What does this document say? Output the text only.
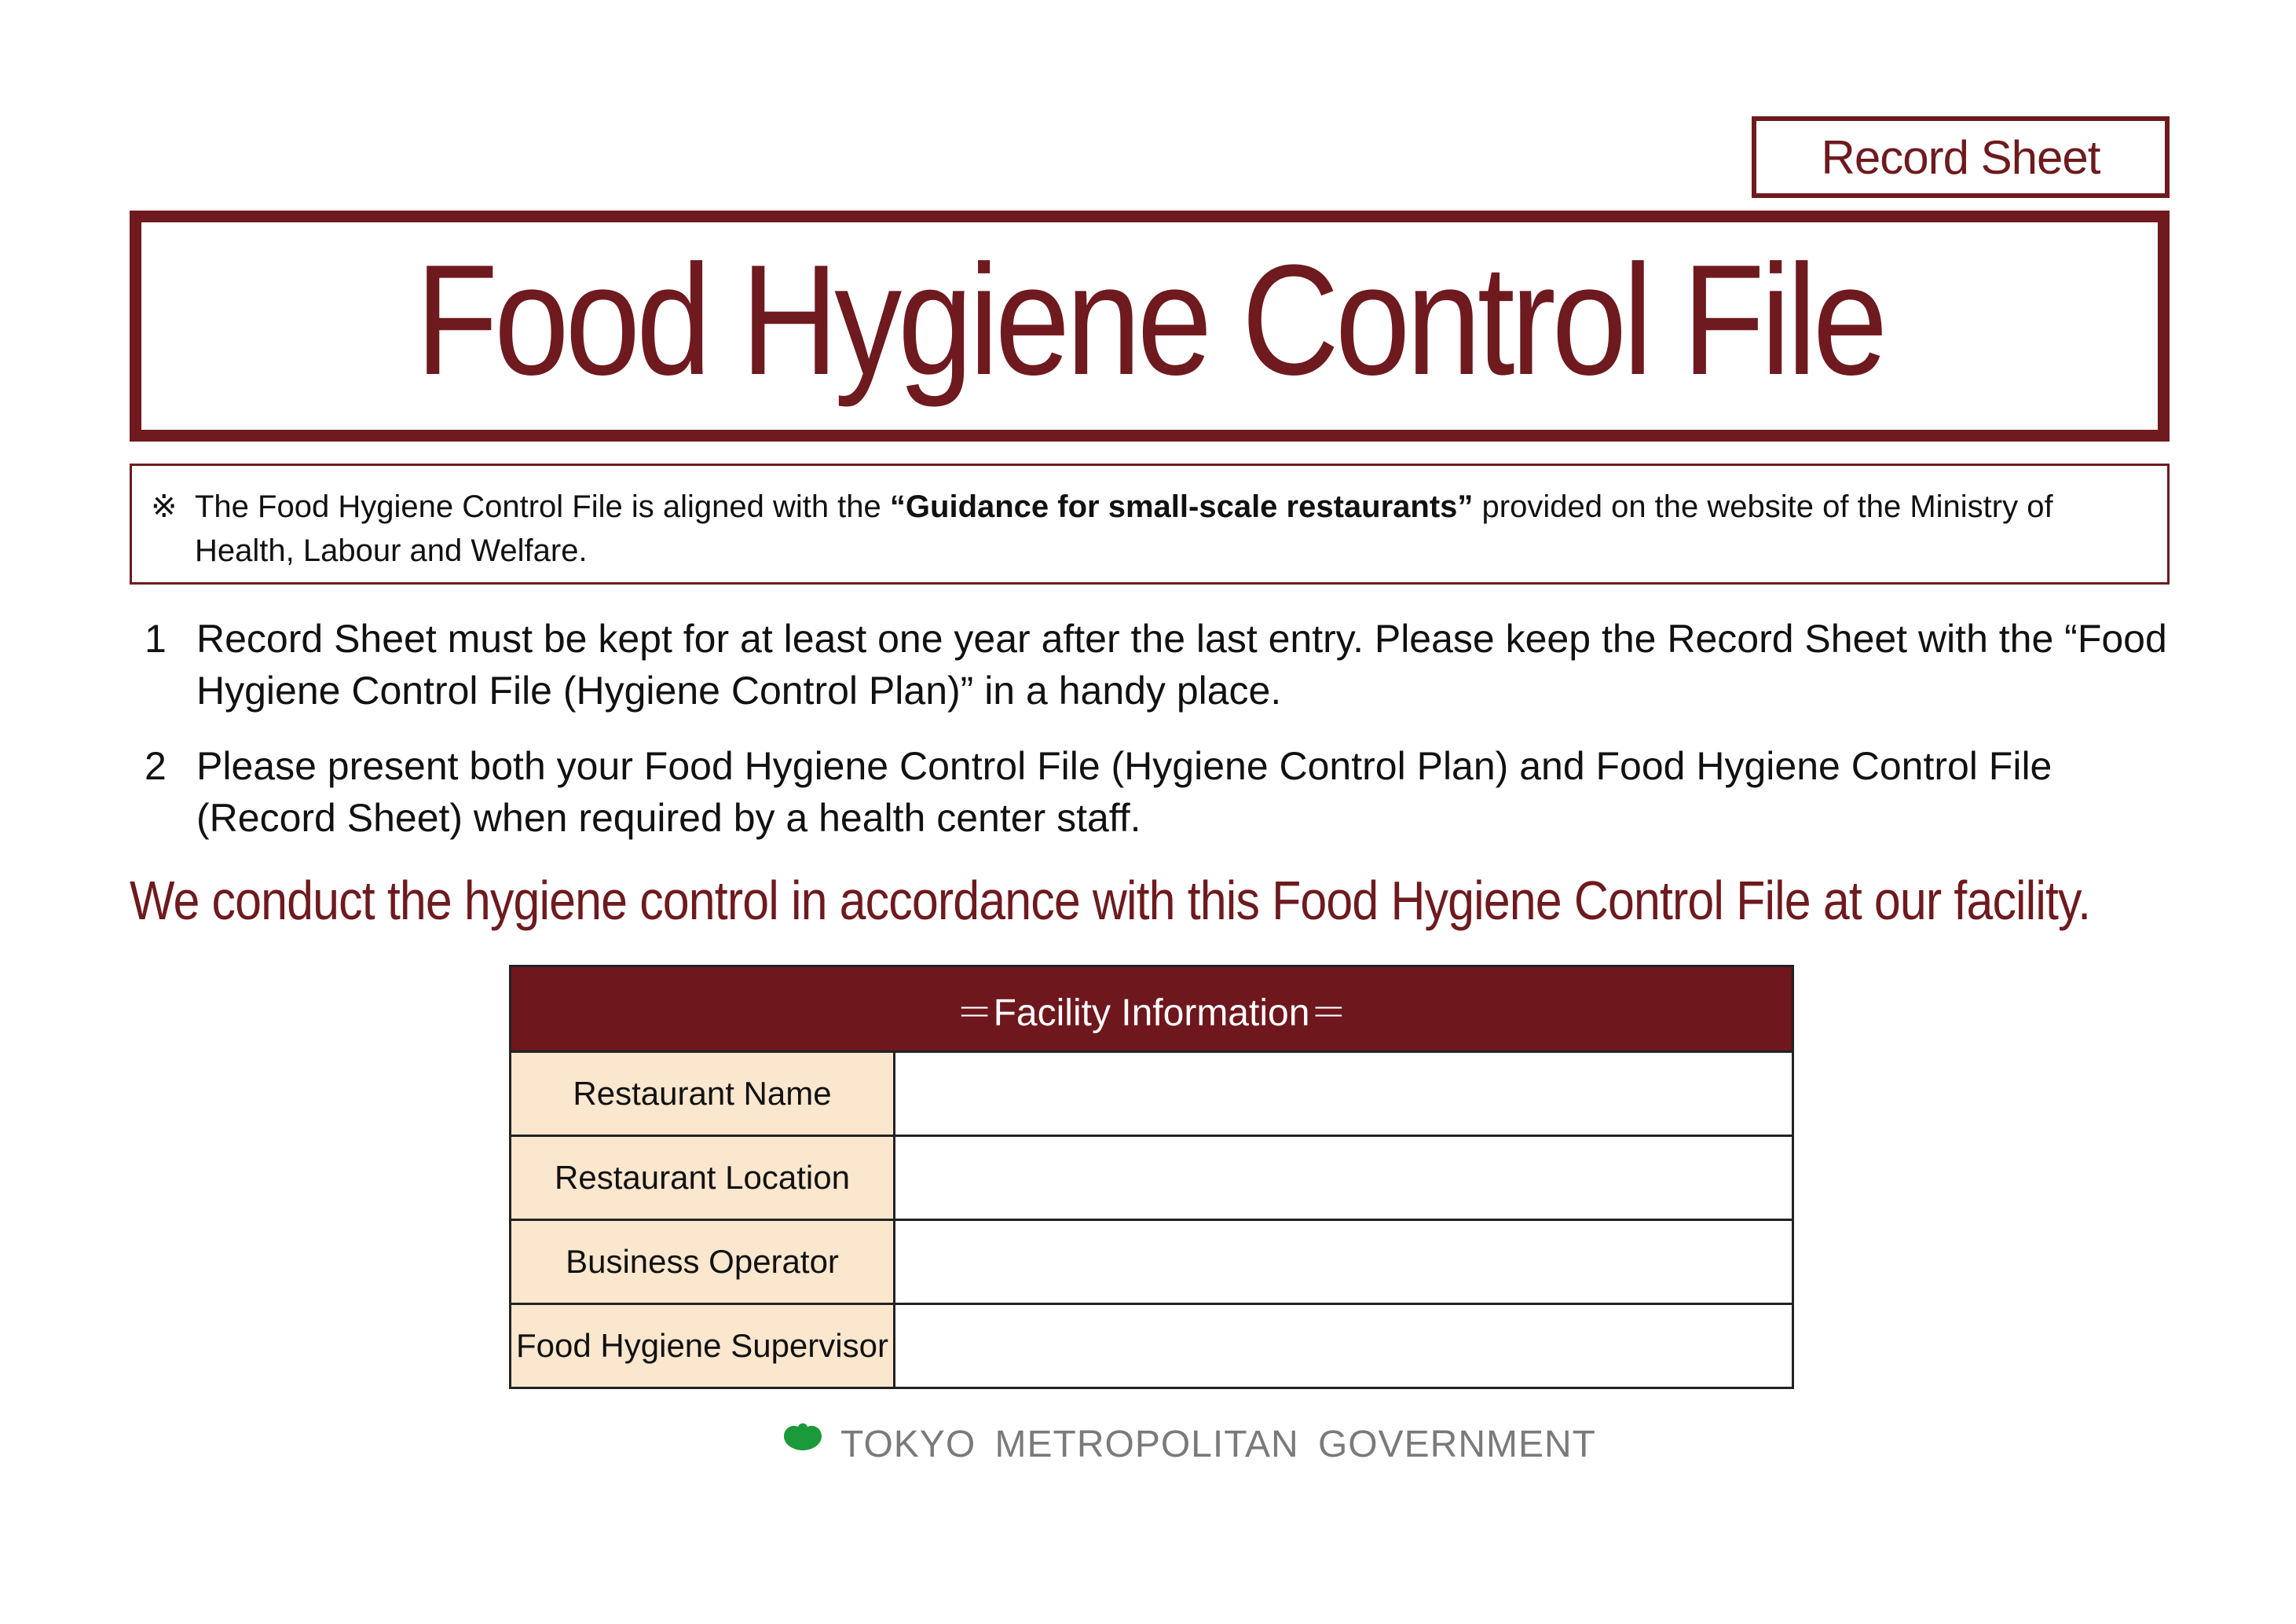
Record Sheet
Food Hygiene Control File
※ The Food Hygiene Control File is aligned with the “Guidance for small-scale restaurants” provided on the website of the Ministry of Health, Labour and Welfare.
1 Record Sheet must be kept for at least one year after the last entry. Please keep the Record Sheet with the “Food Hygiene Control File (Hygiene Control Plan)” in a handy place.
2 Please present both your Food Hygiene Control File (Hygiene Control Plan) and Food Hygiene Control File (Record Sheet) when required by a health center staff.
We conduct the hygiene control in accordance with this Food Hygiene Control File at our facility.
＝Facility Information＝	
Restaurant Name	
Restaurant Location	
Business Operator	
Food Hygiene Supervisor	
TOKYO METROPOLITAN GOVERNMENT
